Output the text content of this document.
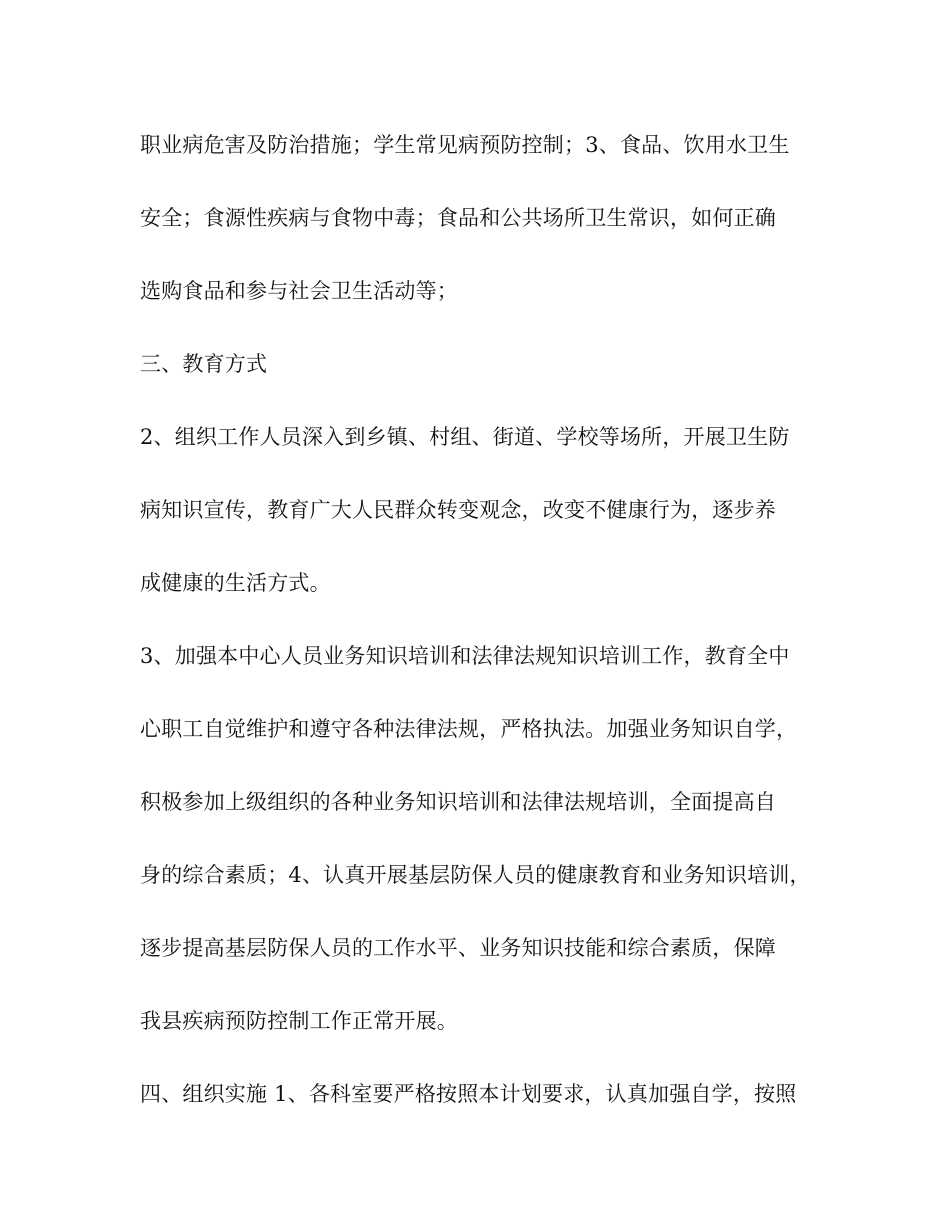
职业病危害及防治措施；学生常见病预防控制；3、食品、饮用水卫生
安全；食源性疾病与食物中毒；食品和公共场所卫生常识，如何正确
选购食品和参与社会卫生活动等；
三、教育方式
2、组织工作人员深入到乡镇、村组、街道、学校等场所，开展卫生防
病知识宣传，教育广大人民群众转变观念，改变不健康行为，逐步养
成健康的生活方式。
3、加强本中心人员业务知识培训和法律法规知识培训工作，教育全中
心职工自觉维护和遵守各种法律法规，严格执法。加强业务知识自学，
积极参加上级组织的各种业务知识培训和法律法规培训，全面提高自
身的综合素质；4、认真开展基层防保人员的健康教育和业务知识培训，
逐步提高基层防保人员的工作水平、业务知识技能和综合素质，保障
我县疾病预防控制工作正常开展。
四、组织实施 1、各科室要严格按照本计划要求，认真加强自学，按照
